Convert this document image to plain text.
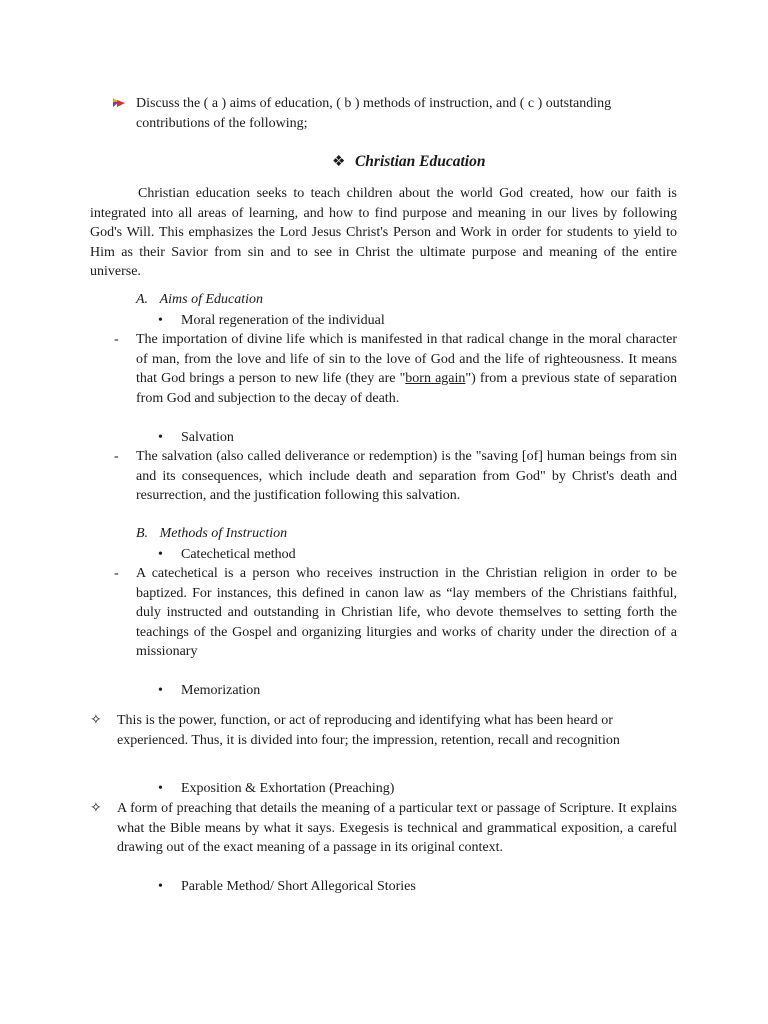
Discuss the ( a ) aims of education, ( b ) methods of instruction, and ( c ) outstanding
contributions of the following;
❖ Christian Education
Christian education seeks to teach children about the world God created, how our faith is integrated into all areas of learning, and how to find purpose and meaning in our lives by following God's Will. This emphasizes the Lord Jesus Christ's Person and Work in order for students to yield to Him as their Savior from sin and to see in Christ the ultimate purpose and meaning of the entire universe.
A. Aims of Education
• Moral regeneration of the individual
- The importation of divine life which is manifested in that radical change in the moral character of man, from the love and life of sin to the love of God and the life of righteousness. It means that God brings a person to new life (they are "born again") from a previous state of separation from God and subjection to the decay of death.
• Salvation
- The salvation (also called deliverance or redemption) is the "saving [of] human beings from sin and its consequences, which include death and separation from God" by Christ's death and resurrection, and the justification following this salvation.
B. Methods of Instruction
• Catechetical method
- A catechetical is a person who receives instruction in the Christian religion in order to be baptized. For instances, this defined in canon law as “lay members of the Christians faithful, duly instructed and outstanding in Christian life, who devote themselves to setting forth the teachings of the Gospel and organizing liturgies and works of charity under the direction of a missionary
• Memorization
✧ This is the power, function, or act of reproducing and identifying what has been heard or experienced. Thus, it is divided into four; the impression, retention, recall and recognition
• Exposition & Exhortation (Preaching)
✧ A form of preaching that details the meaning of a particular text or passage of Scripture. It explains what the Bible means by what it says. Exegesis is technical and grammatical exposition, a careful drawing out of the exact meaning of a passage in its original context.
• Parable Method/ Short Allegorical Stories
